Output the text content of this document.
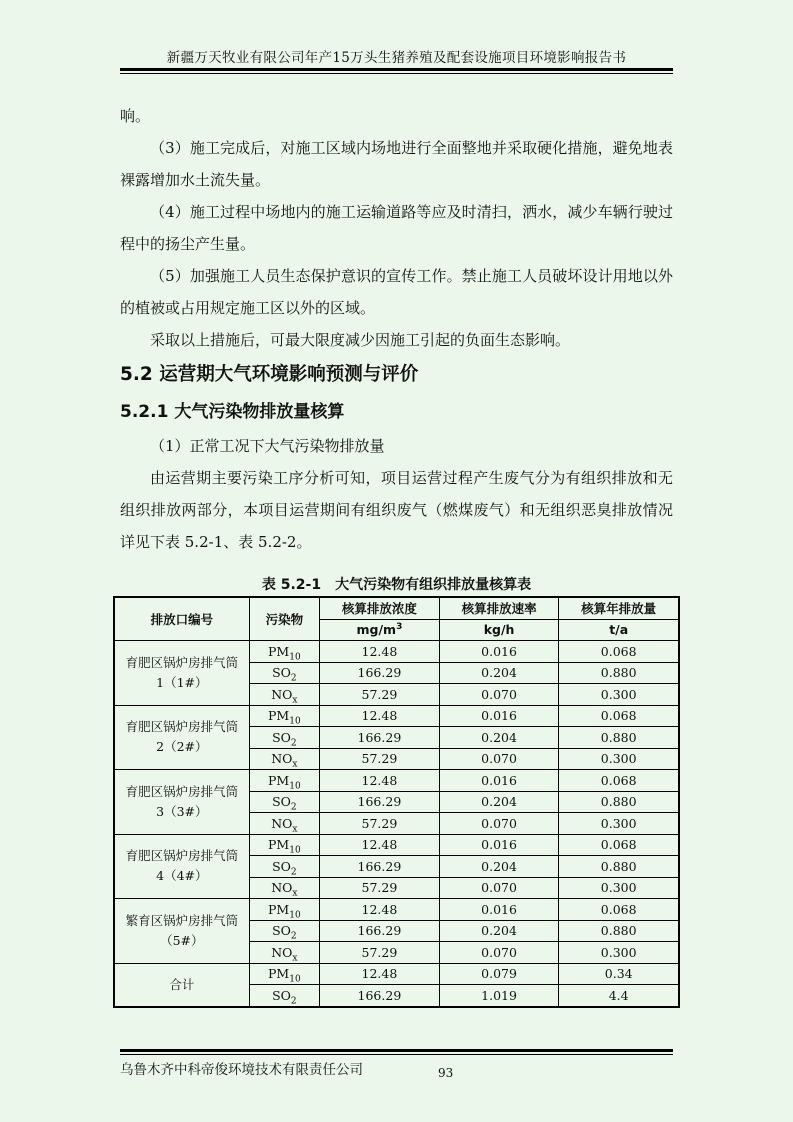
新疆万天牧业有限公司年产15万头生猪养殖及配套设施项目环境影响报告书

响。

（3）施工完成后，对施工区域内场地进行全面整地并采取硬化措施，避免地表裸露增加水土流失量。

（4）施工过程中场地内的施工运输道路等应及时清扫，洒水，减少车辆行驶过程中的扬尘产生量。

（5）加强施工人员生态保护意识的宣传工作。禁止施工人员破坏设计用地以外的植被或占用规定施工区以外的区域。

采取以上措施后，可最大限度减少因施工引起的负面生态影响。

5.2 运营期大气环境影响预测与评价

5.2.1 大气污染物排放量核算

（1）正常工况下大气污染物排放量

由运营期主要污染工序分析可知，项目运营过程产生废气分为有组织排放和无组织排放两部分，本项目运营期间有组织废气（燃煤废气）和无组织恶臭排放情况详见下表 5.2-1、表 5.2-2。

表 5.2-1　大气污染物有组织排放量核算表
排放口编号	污染物	核算排放浓度	核算排放速率	核算年排放量
		$mg/m^3$	kg/h	t/a
育肥区锅炉房排气筒 1（1#）	$PM_{10}$	12.48	0.016	0.068
	$SO_2$	166.29	0.204	0.880
	$NO_x$	57.29	0.070	0.300
育肥区锅炉房排气筒 2（2#）	$PM_{10}$	12.48	0.016	0.068
	$SO_2$	166.29	0.204	0.880
	$NO_x$	57.29	0.070	0.300
育肥区锅炉房排气筒 3（3#）	$PM_{10}$	12.48	0.016	0.068
	$SO_2$	166.29	0.204	0.880
	$NO_x$	57.29	0.070	0.300
育肥区锅炉房排气筒 4（4#）	$PM_{10}$	12.48	0.016	0.068
	$SO_2$	166.29	0.204	0.880
	$NO_x$	57.29	0.070	0.300
繁育区锅炉房排气筒（5#）	$PM_{10}$	12.48	0.016	0.068
	$SO_2$	166.29	0.204	0.880
	$NO_x$	57.29	0.070	0.300
合计	$PM_{10}$	12.48	0.079	0.34
	$SO_2$	166.29	1.019	4.4
乌鲁木齐中科帝俊环境技术有限责任公司	93
